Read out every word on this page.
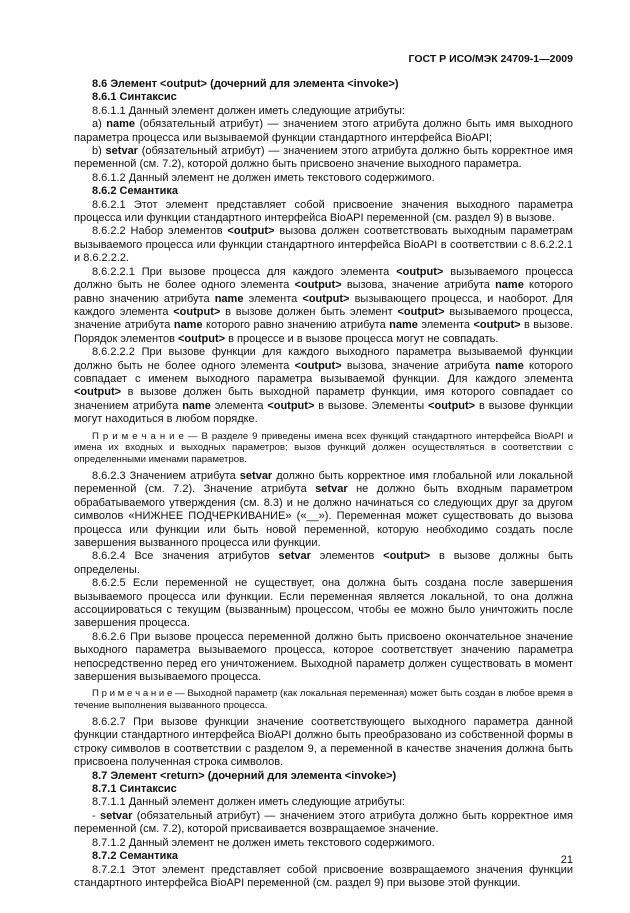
ГОСТ Р ИСО/МЭК 24709-1—2009

8.6 Элемент <output> (дочерний для элемента <invoke>)

8.6.1 Синтаксис

8.6.1.1 Данный элемент должен иметь следующие атрибуты:

а) name (обязательный атрибут) — значением этого атрибута должно быть имя выходного параметра процесса или вызываемой функции стандартного интерфейса BioAPI;

b) setvar (обязательный атрибут) — значением этого атрибута должно быть корректное имя переменной (см. 7.2), которой должно быть присвоено значение выходного параметра.

8.6.1.2 Данный элемент не должен иметь текстового содержимого.

8.6.2 Семантика

8.6.2.1 Этот элемент представляет собой присвоение значения выходного параметра процесса или функции стандартного интерфейса BioAPI переменной (см. раздел 9) в вызове.

8.6.2.2 Набор элементов <output> вызова должен соответствовать выходным параметрам вызываемого процесса или функции стандартного интерфейса BioAPI в соответствии с 8.6.2.2.1 и 8.6.2.2.2.

8.6.2.2.1 При вызове процесса для каждого элемента <output> вызываемого процесса должно быть не более одного элемента <output> вызова, значение атрибута name которого равно значению атрибута name элемента <output> вызывающего процесса, и наоборот. Для каждого элемента <output> в вызове должен быть элемент <output> вызываемого процесса, значение атрибута name которого равно значению атрибута name элемента <output> в вызове. Порядок элементов <output> в процессе и в вызове процесса могут не совпадать.

8.6.2.2.2 При вызове функции для каждого выходного параметра вызываемой функции должно быть не более одного элемента <output> вызова, значение атрибута name которого совпадает с именем выходного параметра вызываемой функции. Для каждого элемента <output> в вызове должен быть выходной параметр функции, имя которого совпадает со значением атрибута name элемента <output> в вызове. Элементы <output> в вызове функции могут находиться в любом порядке.

П р и м е ч а н и е — В разделе 9 приведены имена всех функций стандартного интерфейса BioAPI и имена их входных и выходных параметров; вызов функций должен осуществляться в соответствии с определенными именами параметров.

8.6.2.3 Значением атрибута setvar должно быть корректное имя глобальной или локальной переменной (см. 7.2). Значение атрибута setvar не должно быть входным параметром обрабатываемого утверждения (см. 8.3) и не должно начинаться со следующих друг за другом символов «НИЖНЕЕ ПОДЧЕРКИВАНИЕ» («__»). Переменная может существовать до вызова процесса или функции или быть новой переменной, которую необходимо создать после завершения вызванного процесса или функции.

8.6.2.4 Все значения атрибутов setvar элементов <output> в вызове должны быть определены.

8.6.2.5 Если переменной не существует, она должна быть создана после завершения вызываемого процесса или функции. Если переменная является локальной, то она должна ассоциироваться с текущим (вызванным) процессом, чтобы ее можно было уничтожить после завершения процесса.

8.6.2.6 При вызове процесса переменной должно быть присвоено окончательное значение выходного параметра вызываемого процесса, которое соответствует значению параметра непосредственно перед его уничтожением. Выходной параметр должен существовать в момент завершения вызываемого процесса.

П р и м е ч а н и е — Выходной параметр (как локальная переменная) может быть создан в любое время в течение выполнения вызванного процесса.

8.6.2.7 При вызове функции значение соответствующего выходного параметра данной функции стандартного интерфейса BioAPI должно быть преобразовано из собственной формы в строку символов в соответствии с разделом 9, а переменной в качестве значения должна быть присвоена полученная строка символов.

8.7 Элемент <return> (дочерний для элемента <invoke>)

8.7.1 Синтаксис

8.7.1.1 Данный элемент должен иметь следующие атрибуты:

- setvar (обязательный атрибут) — значением этого атрибута должно быть корректное имя переменной (см. 7.2), которой присваивается возвращаемое значение.

8.7.1.2 Данный элемент не должен иметь текстового содержимого.

8.7.2 Семантика

8.7.2.1 Этот элемент представляет собой присвоение возвращаемого значения функции стандартного интерфейса BioAPI переменной (см. раздел 9) при вызове этой функции.

21
